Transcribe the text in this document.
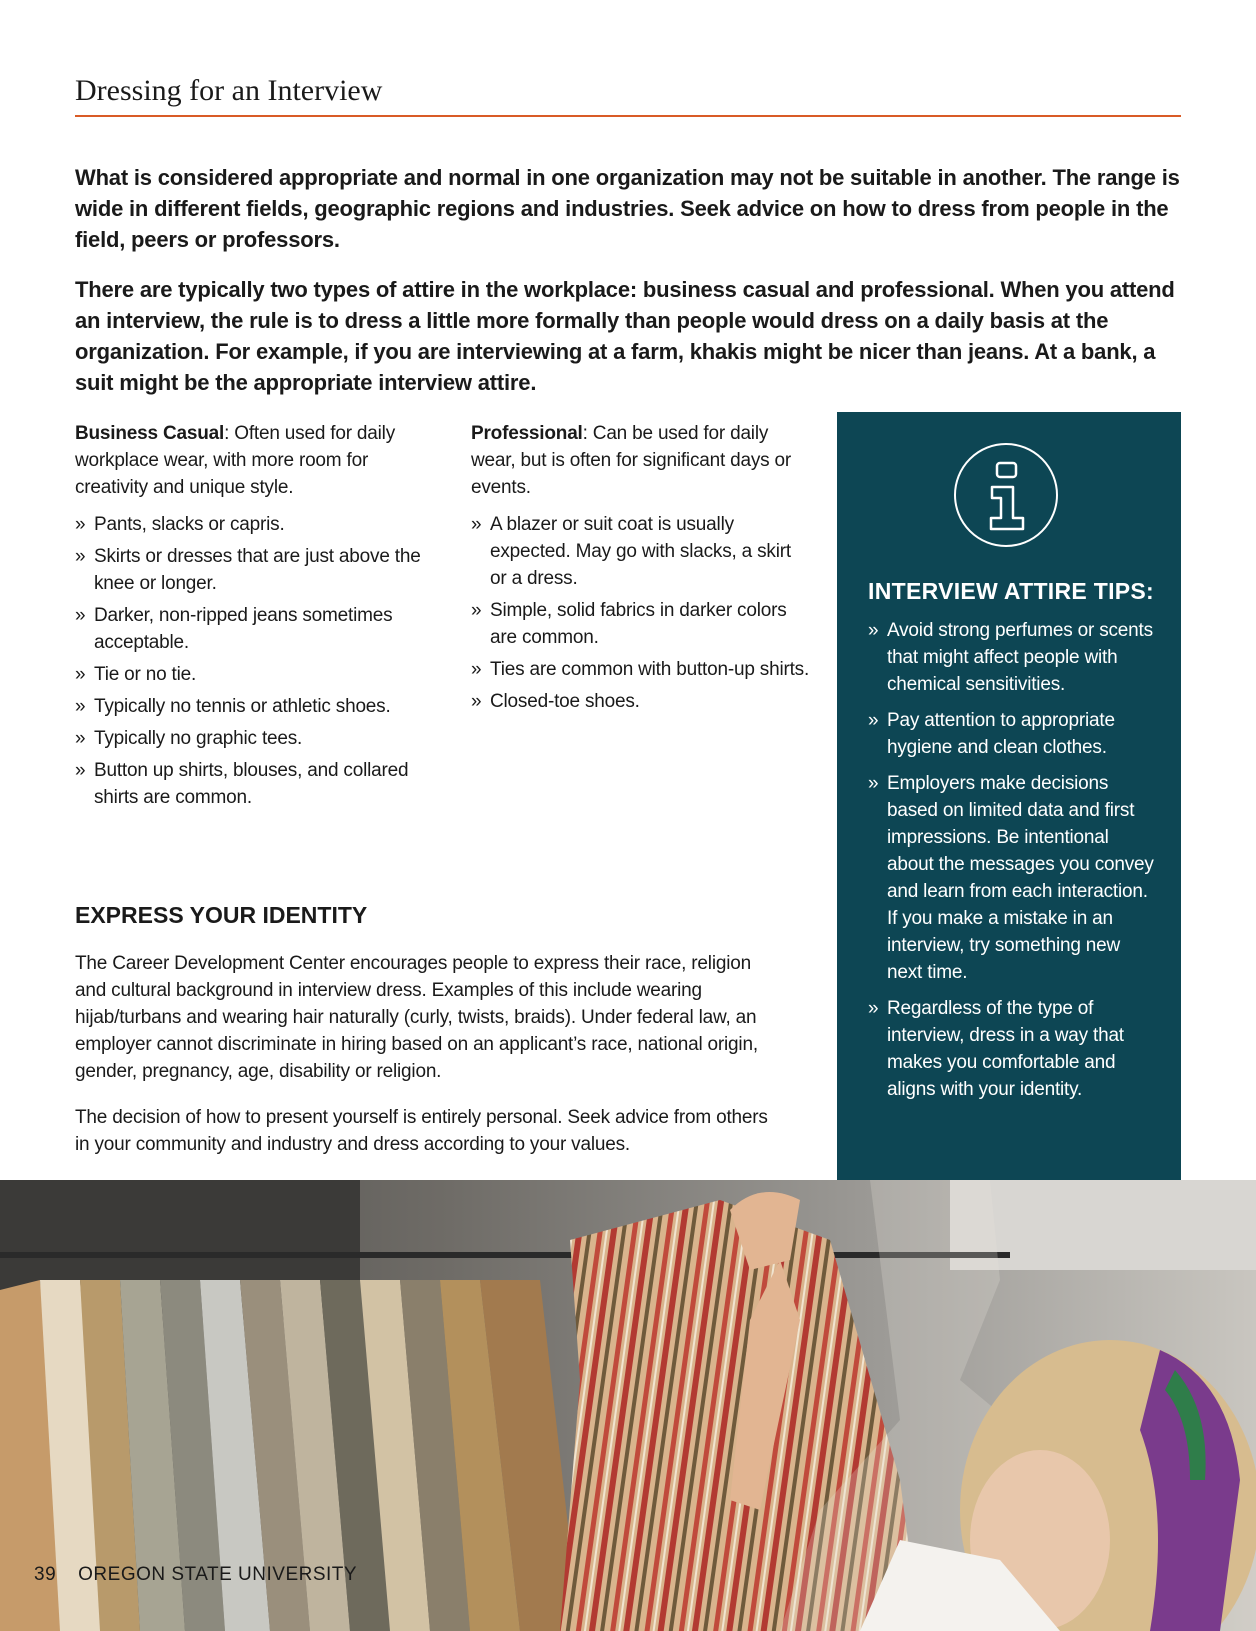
Dressing for an Interview

What is considered appropriate and normal in one organization may not be suitable in another. The range is wide in different fields, geographic regions and industries. Seek advice on how to dress from people in the field, peers or professors.

There are typically two types of attire in the workplace: business casual and professional. When you attend an interview, the rule is to dress a little more formally than people would dress on a daily basis at the organization. For example, if you are interviewing at a farm, khakis might be nicer than jeans. At a bank, a suit might be the appropriate interview attire.

Business Casual: Often used for daily workplace wear, with more room for creativity and unique style.

» Pants, slacks or capris.
» Skirts or dresses that are just above the knee or longer.
» Darker, non-ripped jeans sometimes acceptable.
» Tie or no tie.
» Typically no tennis or athletic shoes.
» Typically no graphic tees.
» Button up shirts, blouses, and collared shirts are common.

Professional: Can be used for daily wear, but is often for significant days or events.

» A blazer or suit coat is usually expected. May go with slacks, a skirt or a dress.
» Simple, solid fabrics in darker colors are common.
» Ties are common with button-up shirts.
» Closed-toe shoes.
INTERVIEW ATTIRE TIPS:
» Avoid strong perfumes or scents that might affect people with chemical sensitivities.
» Pay attention to appropriate hygiene and clean clothes.
» Employers make decisions based on limited data and first impressions. Be intentional about the messages you convey and learn from each interaction. If you make a mistake in an interview, try something new next time.
» Regardless of the type of interview, dress in a way that makes you comfortable and aligns with your identity.
EXPRESS YOUR IDENTITY

The Career Development Center encourages people to express their race, religion and cultural background in interview dress. Examples of this include wearing hijab/turbans and wearing hair naturally (curly, twists, braids). Under federal law, an employer cannot discriminate in hiring based on an applicant’s race, national origin, gender, pregnancy, age, disability or religion.

The decision of how to present yourself is entirely personal. Seek advice from others in your community and industry and dress according to your values.

39 OREGON STATE UNIVERSITY
